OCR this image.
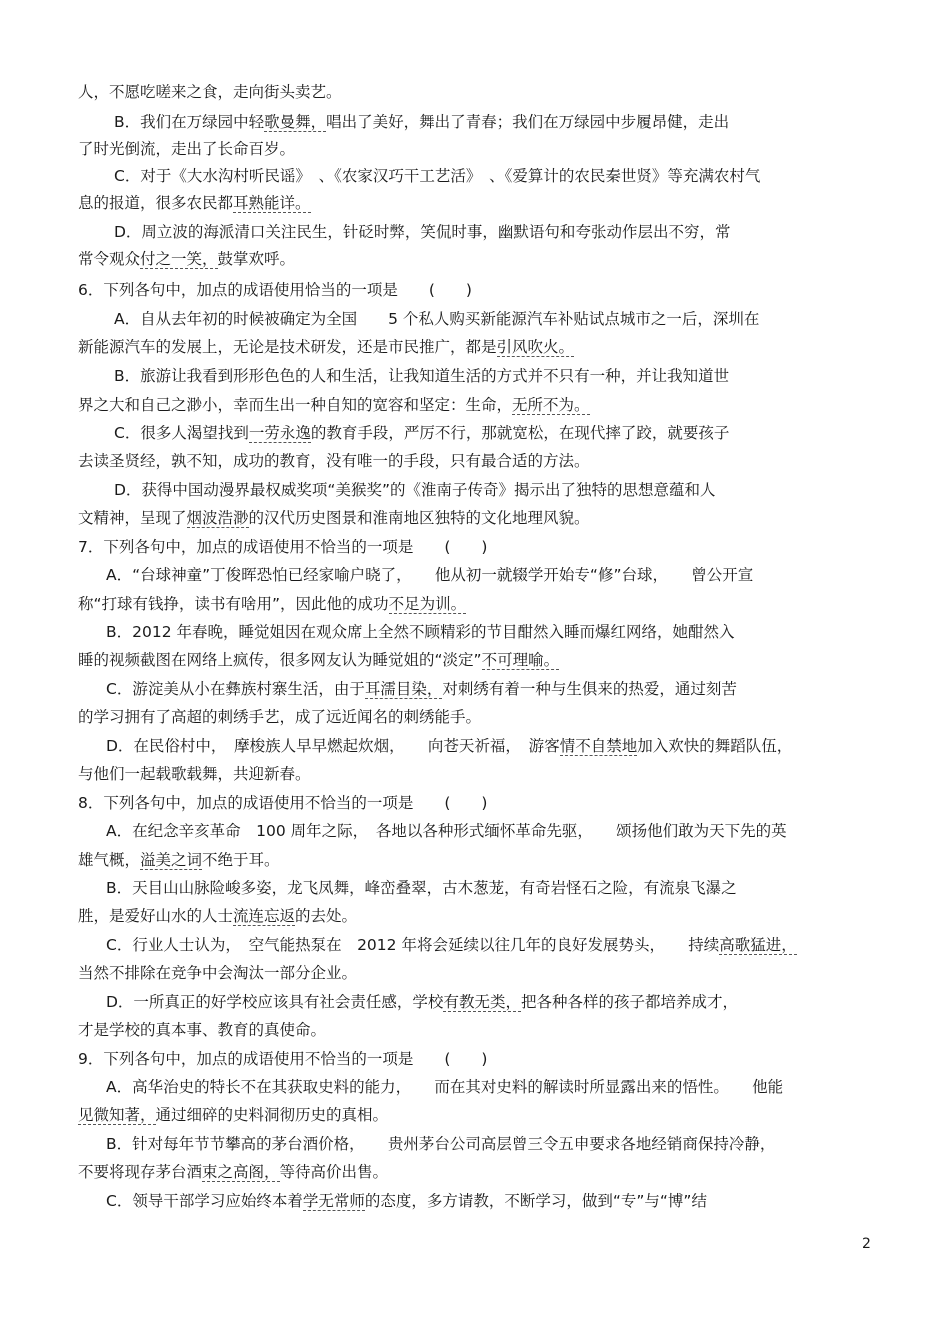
人，不愿吃嗟来之食，走向街头卖艺。
B．我们在万绿园中轻歌曼舞，唱出了美好，舞出了青春；我们在万绿园中步履昂健，走出
了时光倒流，走出了长命百岁。
C．对于《大水沟村听民谣》　、《农家汉巧干工艺活》　、《爱算计的农民秦世贤》等充满农村气
息的报道，很多农民都耳熟能详。
D．周立波的海派清口关注民生，针砭时弊，笑侃时事，幽默语句和夸张动作层出不穷，常
常令观众付之一笑，鼓掌欢呼。
6．下列各句中，加点的成语使用恰当的一项是　　(　　)
A．自从去年初的时候被确定为全国　　5 个私人购买新能源汽车补贴试点城市之一后，深圳在
新能源汽车的发展上，无论是技术研发，还是市民推广，都是引风吹火。
B．旅游让我看到形形色色的人和生活，让我知道生活的方式并不只有一种，并让我知道世
界之大和自己之渺小，幸而生出一种自知的宽容和坚定：生命，无所不为。
C．很多人渴望找到一劳永逸的教育手段，严厉不行，那就宽松，在现代摔了跤，就要孩子
去读圣贤经，孰不知，成功的教育，没有唯一的手段，只有最合适的方法。
D．获得中国动漫界最权威奖项“美猴奖”的《淮南子传奇》揭示出了独特的思想意蕴和人
文精神，呈现了烟波浩渺的汉代历史图景和淮南地区独特的文化地理风貌。
7．下列各句中，加点的成语使用不恰当的一项是　　(　　)
A．“台球神童”丁俊晖恐怕已经家喻户晓了，　　他从初一就辍学开始专“修”台球，　　曾公开宣
称“打球有钱挣，读书有啥用”，因此他的成功不足为训。
B．2012 年春晚，睡觉姐因在观众席上全然不顾精彩的节目酣然入睡而爆红网络，她酣然入
睡的视频截图在网络上疯传，很多网友认为睡觉姐的“淡定”不可理喻。
C．游淀美从小在彝族村寨生活，由于耳濡目染，对刺绣有着一种与生俱来的热爱，通过刻苦
的学习拥有了高超的刺绣手艺，成了远近闻名的刺绣能手。
D．在民俗村中，　摩梭族人早早燃起炊烟，　　向苍天祈福，　游客情不自禁地加入欢快的舞蹈队伍，
与他们一起载歌载舞，共迎新春。
8．下列各句中，加点的成语使用不恰当的一项是　　(　　)
A．在纪念辛亥革命　100 周年之际，　各地以各种形式缅怀革命先驱，　　颂扬他们敢为天下先的英
雄气概，溢美之词不绝于耳。
B．天目山山脉险峻多姿，龙飞凤舞，峰峦叠翠，古木葱茏，有奇岩怪石之险，有流泉飞瀑之
胜，是爱好山水的人士流连忘返的去处。
C．行业人士认为，　空气能热泵在　2012 年将会延续以往几年的良好发展势头，　　持续高歌猛进，
当然不排除在竞争中会淘汰一部分企业。
D．一所真正的好学校应该具有社会责任感，学校有教无类，把各种各样的孩子都培养成才，
才是学校的真本事、教育的真使命。
9．下列各句中，加点的成语使用不恰当的一项是　　(　　)
A．高华治史的特长不在其获取史料的能力，　　而在其对史料的解读时所显露出来的悟性。　　他能
见微知著，通过细碎的史料洞彻历史的真相。
B．针对每年节节攀高的茅台酒价格，　　贵州茅台公司高层曾三令五申要求各地经销商保持冷静，
不要将现存茅台酒束之高阁，等待高价出售。
C．领导干部学习应始终本着学无常师的态度，多方请教，不断学习，做到“专”与“博”结
2
